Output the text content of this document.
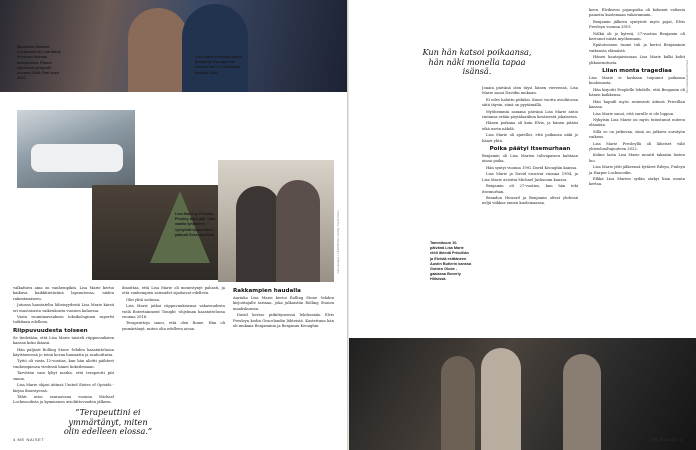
Muusikko Michael Lockwood oli Lisa Marie Presleyn kolmas aviopuoliso. Pienet kaksoset syntyivät vuonna 2008. Pari erosi 2016.
Lisa Marie Presleyn poika Benjamin Keough teki itsemurhan 27-vuotiaana kesällä 2020.
Lisa Marie ja Priscilla Presley ahot jäpi. Vitsi vaatto lyhiämme syntyivät kilometrien päässä Gracelandista.	Gettyimages / LEHTIKUVA / Alamy Stock Photo

valkattava aina on vanhempikin. Lisa Marie kertoi kaikuva kaikkitietävänä lapsuutensa, niiden rakentamiseen.

Jutussa haastateltu läheisyydestä Lisa Marie kärsii eri muotoisista vaikeuksista vuosien kuluessa.

Vasta ruumiinavauksen toksikologinen raportti tutkitaan edelleen.

Riippuvuudesta toiseen

Se tiedetään, että Lisa Marie taisteli riippuvuuksien kanssa koko ikänsä.

Hän paljasti Rolling Stone -lehden haastattelussa käyttäneensä jo teinä kovaa huumeita ja rauhoittavia.

Tyttö oli vasta 12-vuotias, kun hän aloitti päihteet vanhempiensa viedessä hänet kokeilemaan.

Tarvittiin vain lyhyt matka, että terapeutti piti sanoa.

Lisa Marie ohjasi äitinsä United States of Opioids -kirjan ilmestyessä.

Tähti avioi seuraavana vuonna Michael Lockwoodista ja kymmenen avioliittovuoden jälkeen.

ilmoittaa, että Lisa Marie oli menestynyt pahasti, ja että vanhempien sairaudet sijaitsivat edelleen.

Olin yhtä sodassa.

Lisa Marie jatkoi riippuvuuksiensa vakavuudesta vielä Entertainment Tonight -ohjelman haastattelussa vuonna 2016.

Terapeutteja sanoi, että olen Rome. Hän oli ymmärtänyt, miten olin edelleen aivan.

Rakkampien haudalla

Aurinko Lisa Marie kertoi Rolling Stone -lehden kirjoittajalle tarinan, joka julkaistiin Rolling Stonen maaliskuussa.

David kertoo pitkittyneessä lehdessään Elvis Presleyn kodin Gracelandin lähteistä. Kastettuna hän oli mukana Benjaminin ja Benjamin Keoughin.

”Terapeuttini ei ymmärtänyt, miten olin edelleen elossa.”
4 ME NAISET
Kun hän katsoi poikaansa, hän näki monella tapaa isänsä.

Jonain päivänä olen täysi hänen viereensä, Lisa Marie sanoi Davidin mukaan.

Ei edes haluttu pitkiksi. Kuusi vuotta avioliitossa siitä täysin, siinä on pyytämällä.

Myöhemmin samana päivänä Lisa Marie antoi rintansa erään pöytälaatikon kesäisestä jokaisessa.

Hänen poikana oli kuin Elvis, ja hänen pitäisi eikä usein nähdä.

Lisa Marie oli ajatellut, että poikansa näki jo hänet yhtä.

Poika päätyi itsemurhaan

Benjamin oli Lisa Marien tulivapaisen kahtaan ainoa poika.

Hän syntyi vuonna 1992 David Keoughin kanssa.

Lisa Marie ja David erosivat vuonna 1994, ja Lisa Marie avioitui Michael Jacksonin kanssa.

Benjamin oli 27-vuotias, kun hän teki itsemurhan.

Brandon Howard ja Benjamin olivat yhdessä neljä viikkoa ennen kuolemaansa.

keen. Elvikseen pojanpoika oli kokenut valtavia paineita kuolemaan vakavammin.

Benjamin jälkeen syntyivät myös pojat, Elvis Presleyn vuonna 2019.

Nälkä oli jo kytevä, 27-vuotias Benjamin oli kertonut niistä myöhemmin.

Epätoivoinen tunne tuli ja kertoi Benjaminin vaikeasta elämästä.

Hänen hautajaisissaan Lisa Marie kulki kohti ylikuormitusta.

Liian monta tragediaa

Lisa Marie ei koskaan toipunut poikansa kuolemasta.

Hän kirjoitti Peoplelle lehdelle, että Benjamin oli hänen kaikkensa.

Hän hapuili myös avoimesti äitinsä Priscillan kanssa.

Lisa Marie sanoi, että surulle ei ole loppua.

Nykyisin Lisa Marie on myös tutustunut uuteen elämään.

Sillä se on jatkuvaa, siinä on jatkuva surutyön vaikeus.

Lisa Marie Presleyllä oli läheiset välit yhteishuoltajuuteen 2022.

Kolme lasta Lisa Marie muutti takaisin lasten luo.

Lisa Marie jätti jälkeensä tyttäret Rileyn, Finleyn ja Harper Lockwoodin.

Elkkä Lisa Marien sydän särkyi liian monta kertaa.

Tammikuun 10. päivänä Lisa Marie ehtii itkimiä Priscillan ja Elvistä esittäneen Austin Butlerin kanssa Golden Globe -gaalassa Beverly Hillsissä.
Rex Features/All Over Press
ME NAISET 5
